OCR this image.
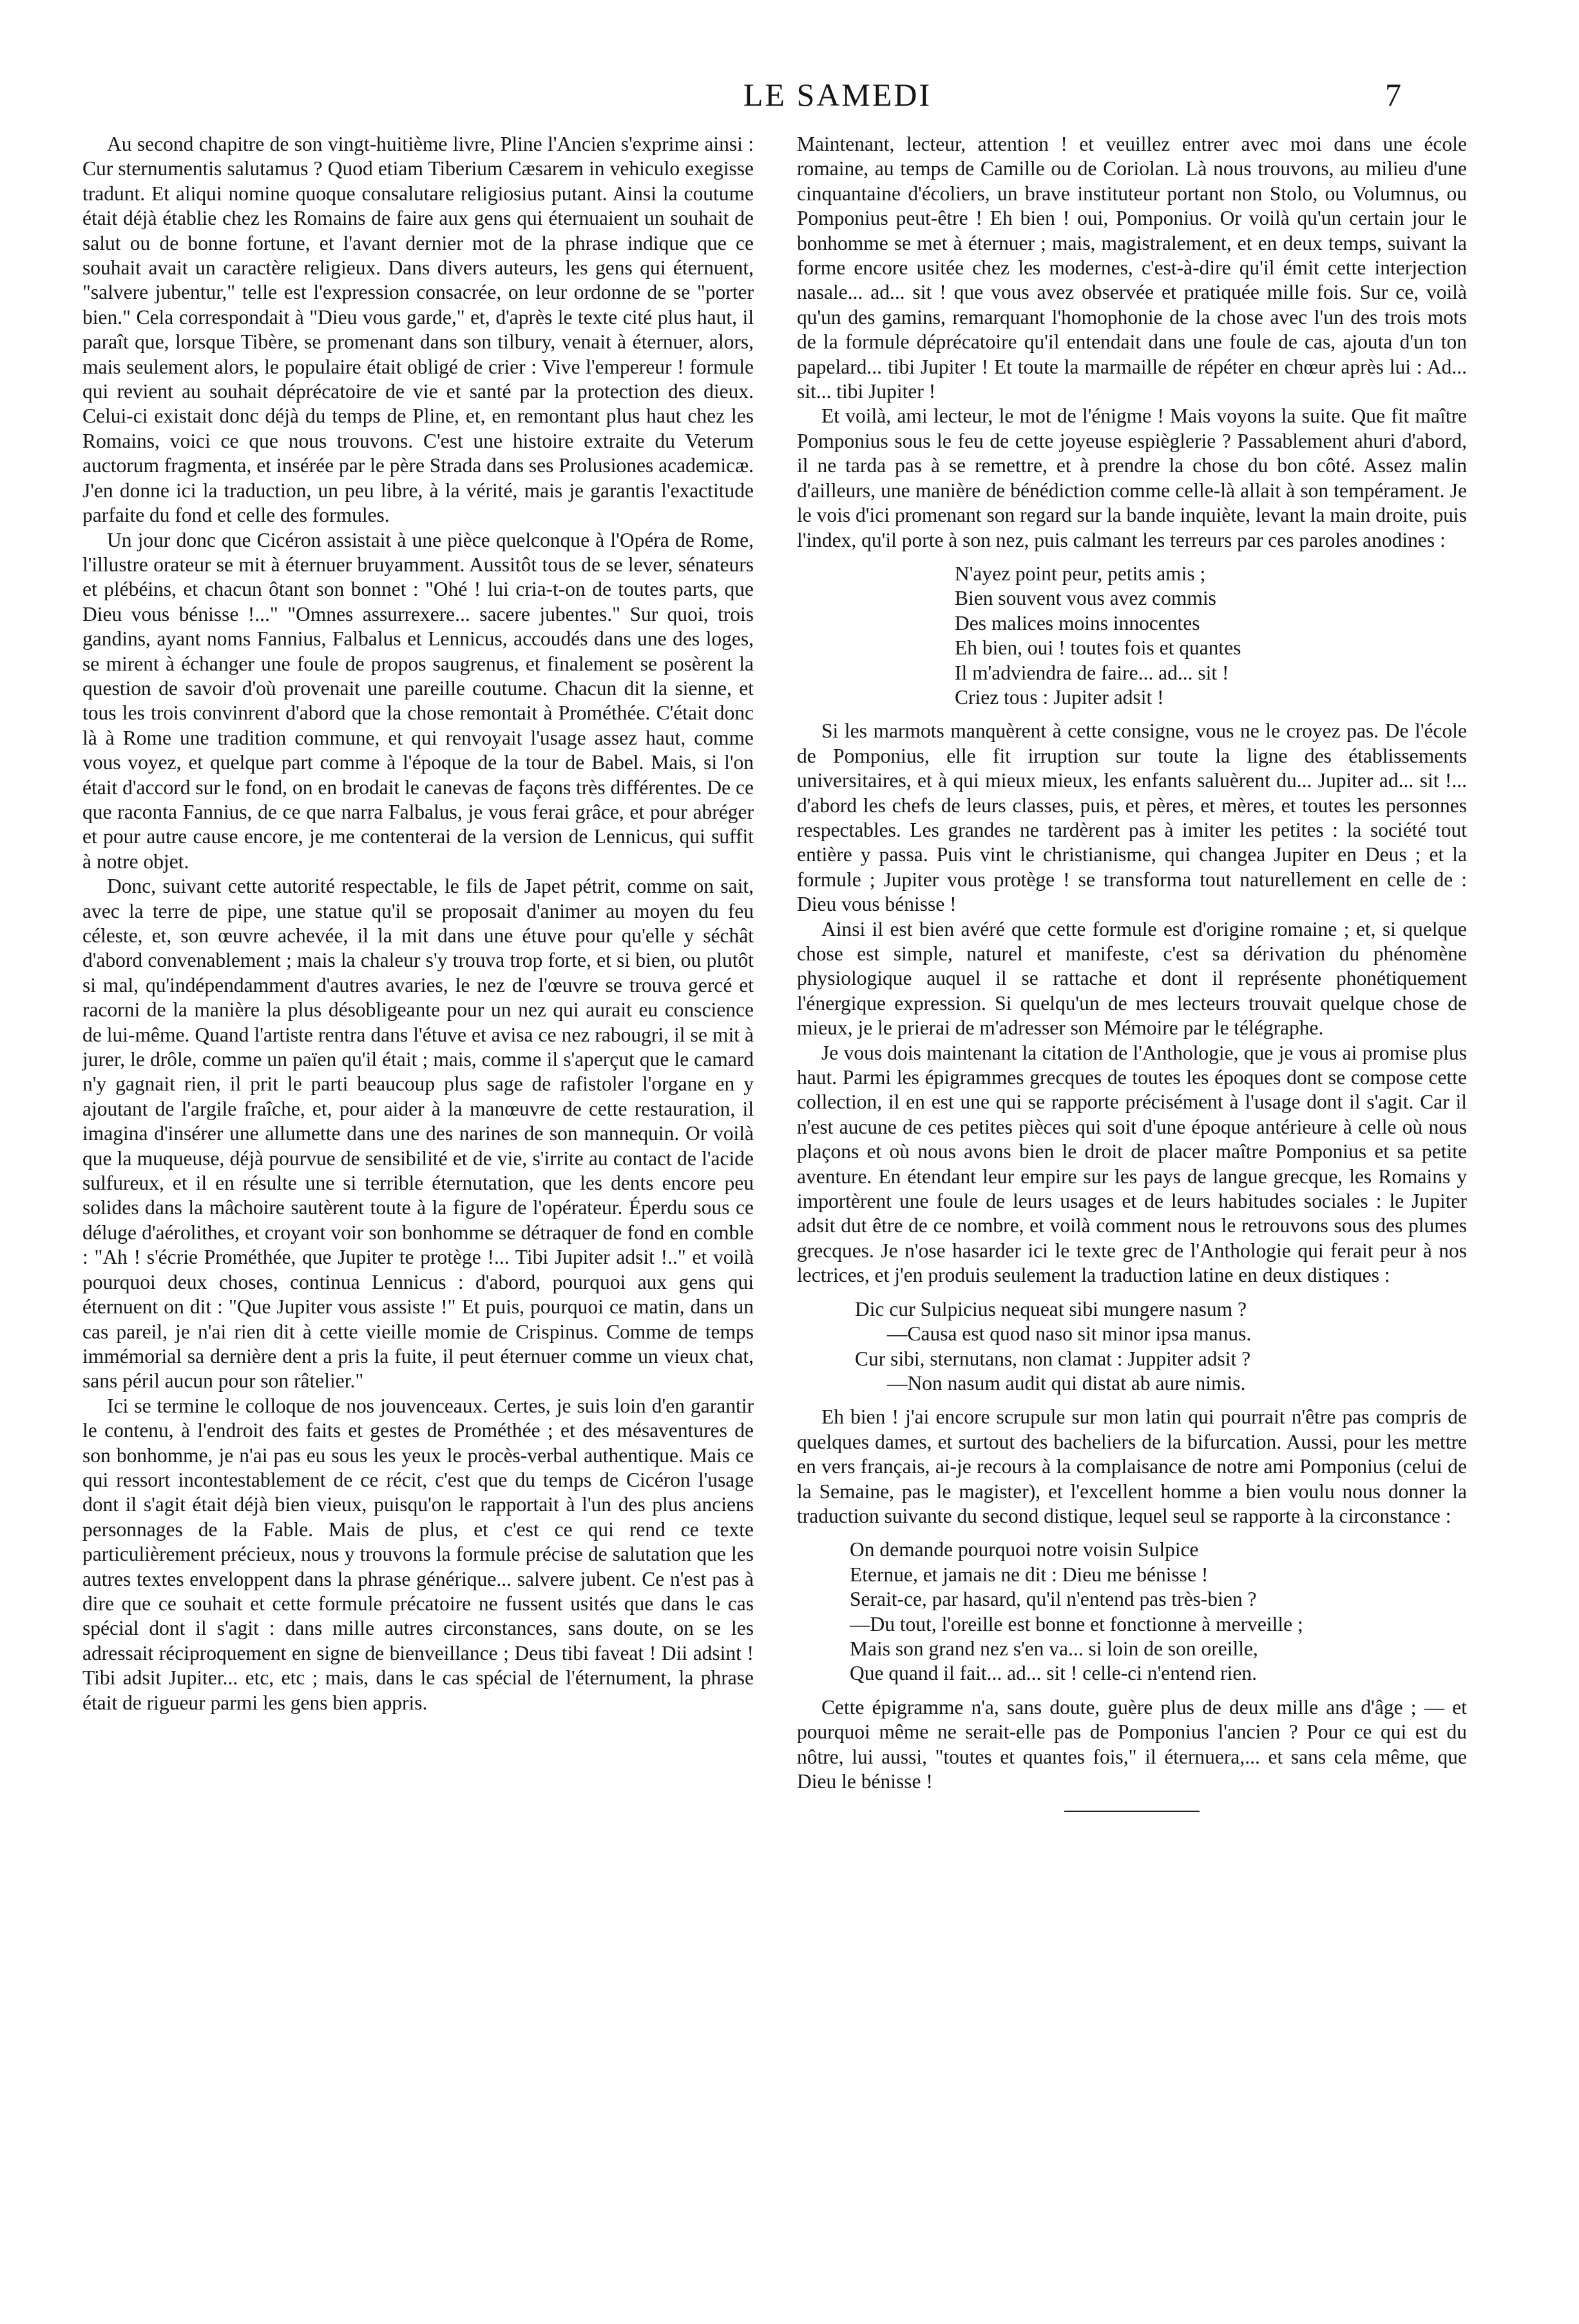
LE SAMEDI	7

Au second chapitre de son vingt-huitième livre, Pline l'Ancien s'exprime ainsi : Cur sternumentis salutamus ? Quod etiam Tiberium Cæsarem in vehiculo exegisse tradunt. Et aliqui nomine quoque consalutare religiosius putant. Ainsi la coutume était déjà établie chez les Romains de faire aux gens qui éternuaient un souhait de salut ou de bonne fortune, et l'avant dernier mot de la phrase indique que ce souhait avait un caractère religieux. Dans divers auteurs, les gens qui éternuent, "salvere jubentur," telle est l'expression consacrée, on leur ordonne de se "porter bien." Cela correspondait à "Dieu vous garde," et, d'après le texte cité plus haut, il paraît que, lorsque Tibère, se promenant dans son tilbury, venait à éternuer, alors, mais seulement alors, le populaire était obligé de crier : Vive l'empereur ! formule qui revient au souhait déprécatoire de vie et santé par la protection des dieux. Celui-ci existait donc déjà du temps de Pline, et, en remontant plus haut chez les Romains, voici ce que nous trouvons. C'est une histoire extraite du Veterum auctorum fragmenta, et insérée par le père Strada dans ses Prolusiones academicæ. J'en donne ici la traduction, un peu libre, à la vérité, mais je garantis l'exactitude parfaite du fond et celle des formules.

Un jour donc que Cicéron assistait à une pièce quelconque à l'Opéra de Rome, l'illustre orateur se mit à éternuer bruyamment. Aussitôt tous de se lever, sénateurs et plébéins, et chacun ôtant son bonnet : "Ohé ! lui cria-t-on de toutes parts, que Dieu vous bénisse !..." "Omnes assurrexere... sacere jubentes." Sur quoi, trois gandins, ayant noms Fannius, Falbalus et Lennicus, accoudés dans une des loges, se mirent à échanger une foule de propos saugrenus, et finalement se posèrent la question de savoir d'où provenait une pareille coutume. Chacun dit la sienne, et tous les trois convinrent d'abord que la chose remontait à Prométhée. C'était donc là à Rome une tradition commune, et qui renvoyait l'usage assez haut, comme vous voyez, et quelque part comme à l'époque de la tour de Babel. Mais, si l'on était d'accord sur le fond, on en brodait le canevas de façons très différentes. De ce que raconta Fannius, de ce que narra Falbalus, je vous ferai grâce, et pour abréger et pour autre cause encore, je me contenterai de la version de Lennicus, qui suffit à notre objet.

Donc, suivant cette autorité respectable, le fils de Japet pétrit, comme on sait, avec la terre de pipe, une statue qu'il se proposait d'animer au moyen du feu céleste, et, son œuvre achevée, il la mit dans une étuve pour qu'elle y séchât d'abord convenablement ; mais la chaleur s'y trouva trop forte, et si bien, ou plutôt si mal, qu'indépendamment d'autres avaries, le nez de l'œuvre se trouva gercé et racorni de la manière la plus désobligeante pour un nez qui aurait eu conscience de lui-même. Quand l'artiste rentra dans l'étuve et avisa ce nez rabougri, il se mit à jurer, le drôle, comme un païen qu'il était ; mais, comme il s'aperçut que le camard n'y gagnait rien, il prit le parti beaucoup plus sage de rafistoler l'organe en y ajoutant de l'argile fraîche, et, pour aider à la manœuvre de cette restauration, il imagina d'insérer une allumette dans une des narines de son mannequin. Or voilà que la muqueuse, déjà pourvue de sensibilité et de vie, s'irrite au contact de l'acide sulfureux, et il en résulte une si terrible éternutation, que les dents encore peu solides dans la mâchoire sautèrent toute à la figure de l'opérateur. Éperdu sous ce déluge d'aérolithes, et croyant voir son bonhomme se détraquer de fond en comble : "Ah ! s'écrie Prométhée, que Jupiter te protège !... Tibi Jupiter adsit !.." et voilà pourquoi deux choses, continua Lennicus : d'abord, pourquoi aux gens qui éternuent on dit : "Que Jupiter vous assiste !" Et puis, pourquoi ce matin, dans un cas pareil, je n'ai rien dit à cette vieille momie de Crispinus. Comme de temps immémorial sa dernière dent a pris la fuite, il peut éternuer comme un vieux chat, sans péril aucun pour son râtelier."

Ici se termine le colloque de nos jouvenceaux. Certes, je suis loin d'en garantir le contenu, à l'endroit des faits et gestes de Prométhée ; et des mésaventures de son bonhomme, je n'ai pas eu sous les yeux le procès-verbal authentique. Mais ce qui ressort incontestablement de ce récit, c'est que du temps de Cicéron l'usage dont il s'agit était déjà bien vieux, puisqu'on le rapportait à l'un des plus anciens personnages de la Fable. Mais de plus, et c'est ce qui rend ce texte particulièrement précieux, nous y trouvons la formule précise de salutation que les autres textes enveloppent dans la phrase générique... salvere jubent. Ce n'est pas à dire que ce souhait et cette formule précatoire ne fussent usités que dans le cas spécial dont il s'agit : dans mille autres circonstances, sans doute, on se les adressait réciproquement en signe de bienveillance ; Deus tibi faveat ! Dii adsint ! Tibi adsit Jupiter... etc, etc ; mais, dans le cas spécial de l'éternument, la phrase était de rigueur parmi les gens bien appris.

Maintenant, lecteur, attention ! et veuillez entrer avec moi dans une école romaine, au temps de Camille ou de Coriolan. Là nous trouvons, au milieu d'une cinquantaine d'écoliers, un brave instituteur portant non Stolo, ou Volumnus, ou Pomponius peut-être ! Eh bien ! oui, Pomponius. Or voilà qu'un certain jour le bonhomme se met à éternuer ; mais, magistralement, et en deux temps, suivant la forme encore usitée chez les modernes, c'est-à-dire qu'il émit cette interjection nasale... ad... sit ! que vous avez observée et pratiquée mille fois. Sur ce, voilà qu'un des gamins, remarquant l'homophonie de la chose avec l'un des trois mots de la formule déprécatoire qu'il entendait dans une foule de cas, ajouta d'un ton papelard... tibi Jupiter ! Et toute la marmaille de répéter en chœur après lui : Ad... sit... tibi Jupiter !

Et voilà, ami lecteur, le mot de l'énigme ! Mais voyons la suite. Que fit maître Pomponius sous le feu de cette joyeuse espièglerie ? Passablement ahuri d'abord, il ne tarda pas à se remettre, et à prendre la chose du bon côté. Assez malin d'ailleurs, une manière de bénédiction comme celle-là allait à son tempérament. Je le vois d'ici promenant son regard sur la bande inquiète, levant la main droite, puis l'index, qu'il porte à son nez, puis calmant les terreurs par ces paroles anodines :

N'ayez point peur, petits amis ;
Bien souvent vous avez commis
Des malices moins innocentes
Eh bien, oui ! toutes fois et quantes
Il m'adviendra de faire... ad... sit !
Criez tous : Jupiter adsit !

Si les marmots manquèrent à cette consigne, vous ne le croyez pas. De l'école de Pomponius, elle fit irruption sur toute la ligne des établissements universitaires, et à qui mieux mieux, les enfants saluèrent du... Jupiter ad... sit !... d'abord les chefs de leurs classes, puis, et pères, et mères, et toutes les personnes respectables. Les grandes ne tardèrent pas à imiter les petites : la société tout entière y passa. Puis vint le christianisme, qui changea Jupiter en Deus ; et la formule ; Jupiter vous protège ! se transforma tout naturellement en celle de : Dieu vous bénisse !

Ainsi il est bien avéré que cette formule est d'origine romaine ; et, si quelque chose est simple, naturel et manifeste, c'est sa dérivation du phénomène physiologique auquel il se rattache et dont il représente phonétiquement l'énergique expression. Si quelqu'un de mes lecteurs trouvait quelque chose de mieux, je le prierai de m'adresser son Mémoire par le télégraphe.

Je vous dois maintenant la citation de l'Anthologie, que je vous ai promise plus haut. Parmi les épigrammes grecques de toutes les époques dont se compose cette collection, il en est une qui se rapporte précisément à l'usage dont il s'agit. Car il n'est aucune de ces petites pièces qui soit d'une époque antérieure à celle où nous plaçons et où nous avons bien le droit de placer maître Pomponius et sa petite aventure. En étendant leur empire sur les pays de langue grecque, les Romains y importèrent une foule de leurs usages et de leurs habitudes sociales : le Jupiter adsit dut être de ce nombre, et voilà comment nous le retrouvons sous des plumes grecques. Je n'ose hasarder ici le texte grec de l'Anthologie qui ferait peur à nos lectrices, et j'en produis seulement la traduction latine en deux distiques :

Dic cur Sulpicius nequeat sibi mungere nasum ?
—Causa est quod naso sit minor ipsa manus.
Cur sibi, sternutans, non clamat : Juppiter adsit ?
—Non nasum audit qui distat ab aure nimis.

Eh bien ! j'ai encore scrupule sur mon latin qui pourrait n'être pas compris de quelques dames, et surtout des bacheliers de la bifurcation. Aussi, pour les mettre en vers français, ai-je recours à la complaisance de notre ami Pomponius (celui de la Semaine, pas le magister), et l'excellent homme a bien voulu nous donner la traduction suivante du second distique, lequel seul se rapporte à la circonstance :

On demande pourquoi notre voisin Sulpice
Eternue, et jamais ne dit : Dieu me bénisse !
Serait-ce, par hasard, qu'il n'entend pas très-bien ?
—Du tout, l'oreille est bonne et fonctionne à merveille ;
Mais son grand nez s'en va... si loin de son oreille,
Que quand il fait... ad... sit ! celle-ci n'entend rien.

Cette épigramme n'a, sans doute, guère plus de deux mille ans d'âge ; — et pourquoi même ne serait-elle pas de Pomponius l'ancien ? Pour ce qui est du nôtre, lui aussi, "toutes et quantes fois," il éternuera,... et sans cela même, que Dieu le bénisse !
